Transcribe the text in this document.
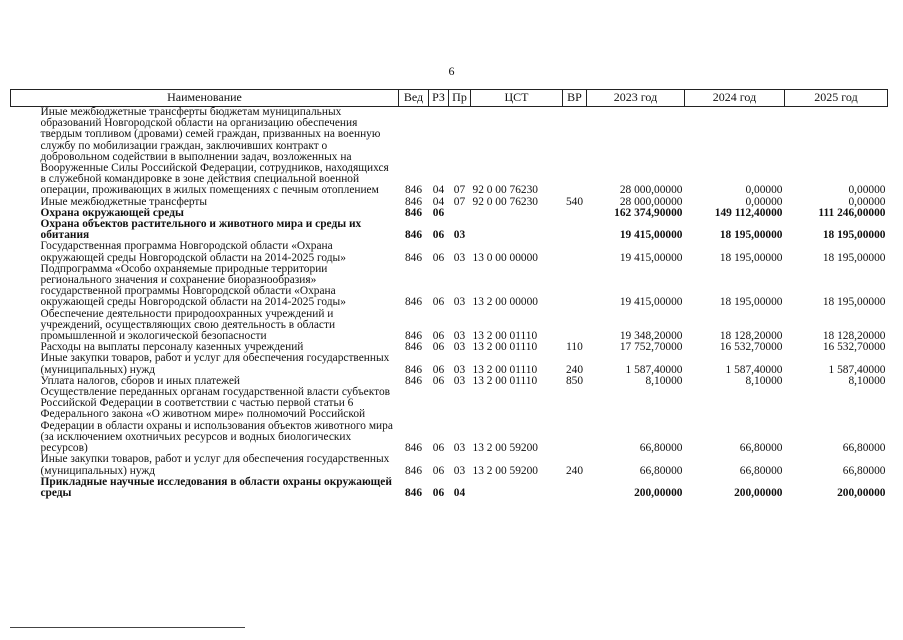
6
Наименование	Вед	РЗ	Пр	ЦСТ	ВР	2023 год	2024 год	2025 год
Иные межбюджетные трансферты бюджетам муниципальных образований Новгородской области на организацию обеспечения твердым топливом (дровами) семей граждан, призванных на военную службу по мобилизации граждан, заключивших контракт о добровольном содействии в выполнении задач, возложенных на Вооруженные Силы Российской Федерации, сотрудников, находящихся в служебной командировке в зоне действия специальной военной операции, проживающих в жилых помещениях с печным отоплением	846	04	07	92 0 00 76230		28 000,00000	0,00000	0,00000
Иные межбюджетные трансферты	846	04	07	92 0 00 76230	540	28 000,00000	0,00000	0,00000
Охрана окружающей среды	846	06				162 374,90000	149 112,40000	111 246,00000
Охрана объектов растительного и животного мира и среды их обитания	846	06	03			19 415,00000	18 195,00000	18 195,00000
Государственная программа Новгородской области «Охрана окружающей среды Новгородской области на 2014-2025 годы»	846	06	03	13 0 00 00000		19 415,00000	18 195,00000	18 195,00000
Подпрограмма «Особо охраняемые природные территории регионального значения и сохранение биоразнообразия» государственной программы Новгородской области «Охрана окружающей среды Новгородской области на 2014-2025 годы»	846	06	03	13 2 00 00000		19 415,00000	18 195,00000	18 195,00000
Обеспечение деятельности природоохранных учреждений и учреждений, осуществляющих свою деятельность в области промышленной и экологической безопасности	846	06	03	13 2 00 01110		19 348,20000	18 128,20000	18 128,20000
Расходы на выплаты персоналу казенных учреждений	846	06	03	13 2 00 01110	110	17 752,70000	16 532,70000	16 532,70000
Иные закупки товаров, работ и услуг для обеспечения государственных (муниципальных) нужд	846	06	03	13 2 00 01110	240	1 587,40000	1 587,40000	1 587,40000
Уплата налогов, сборов и иных платежей	846	06	03	13 2 00 01110	850	8,10000	8,10000	8,10000
Осуществление переданных органам государственной власти субъектов Российской Федерации в соответствии с частью первой статьи 6 Федерального закона «О животном мире» полномочий Российской Федерации в области охраны и использования объектов животного мира (за исключением охотничьих ресурсов и водных биологических ресурсов)	846	06	03	13 2 00 59200		66,80000	66,80000	66,80000
Иные закупки товаров, работ и услуг для обеспечения государственных (муниципальных) нужд	846	06	03	13 2 00 59200	240	66,80000	66,80000	66,80000
Прикладные научные исследования в области охраны окружающей среды	846	06	04			200,00000	200,00000	200,00000
